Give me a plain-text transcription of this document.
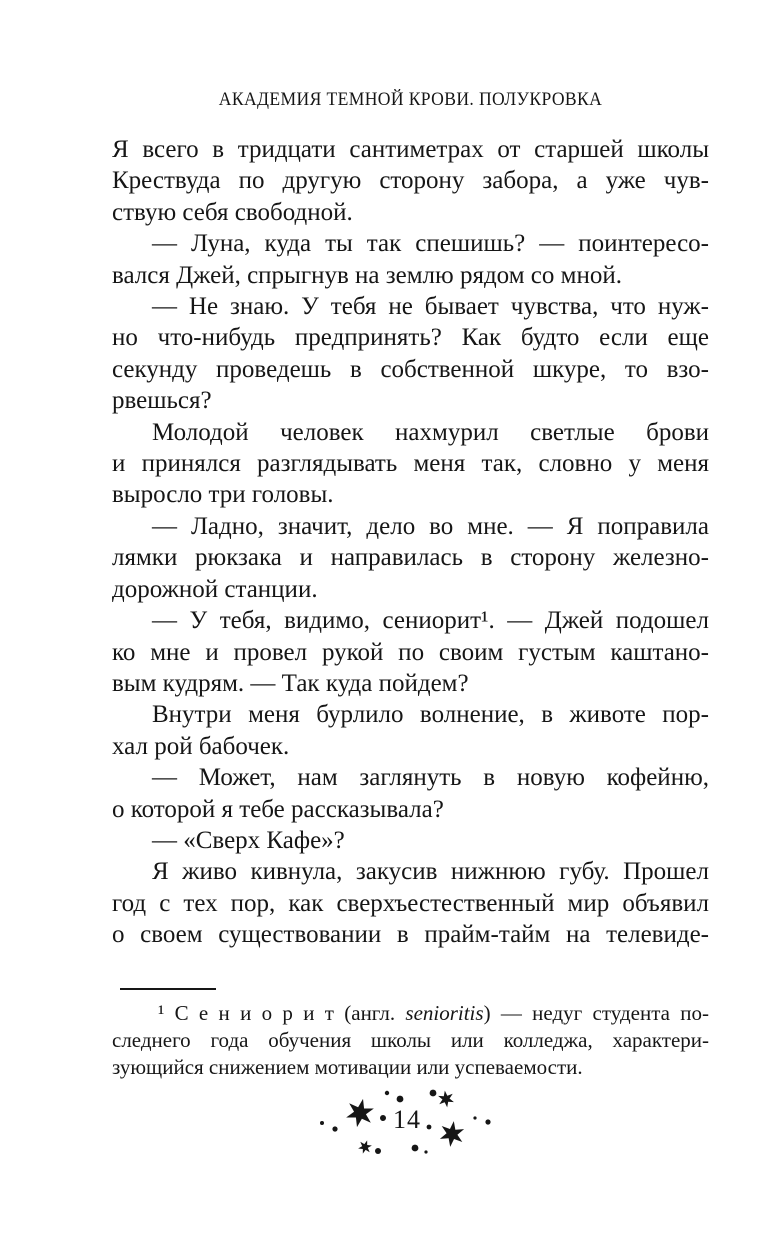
АКАДЕМИЯ ТЕМНОЙ КРОВИ. ПОЛУКРОВКА
Я всего в тридцати сантиметрах от старшей школы
Крествуда по другую сторону забора, а уже чув-
ствую себя свободной.
— Луна, куда ты так спешишь? — поинтересо-
вался Джей, спрыгнув на землю рядом со мной.
— Не знаю. У тебя не бывает чувства, что нуж-
но что-нибудь предпринять? Как будто если еще
секунду проведешь в собственной шкуре, то взо-
рвешься?
Молодой человек нахмурил светлые брови
и принялся разглядывать меня так, словно у меня
выросло три головы.
— Ладно, значит, дело во мне. — Я поправила
лямки рюкзака и направилась в сторону железно-
дорожной станции.
— У тебя, видимо, сениорит¹. — Джей подошел
ко мне и провел рукой по своим густым каштано-
вым кудрям. — Так куда пойдем?
Внутри меня бурлило волнение, в животе пор-
хал рой бабочек.
— Может, нам заглянуть в новую кофейню,
о которой я тебе рассказывала?
— «Сверх Кафе»?
Я живо кивнула, закусив нижнюю губу. Прошел
год с тех пор, как сверхъестественный мир объявил
о своем существовании в прайм-тайм на телевиде-
¹ С е н и о р и т (англ. senioritis) — недуг студента по-
следнего года обучения школы или колледжа, характери-
зующийся снижением мотивации или успеваемости.
14
